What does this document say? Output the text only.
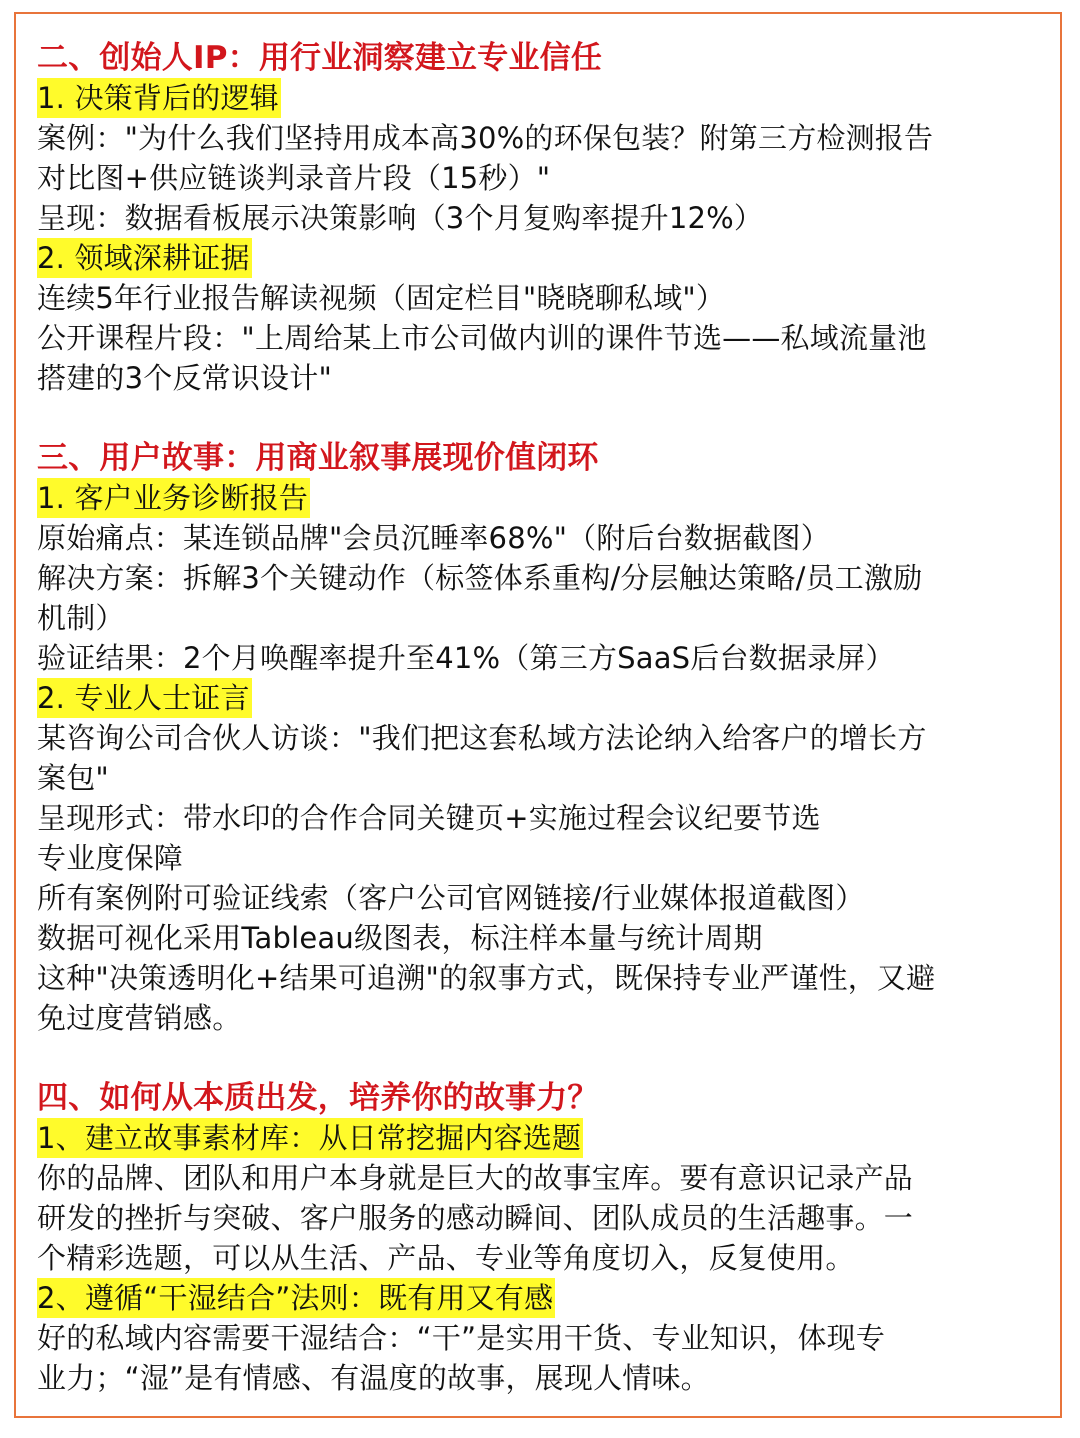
二、创始人IP：用行业洞察建立专业信任
1. 决策背后的逻辑
案例："为什么我们坚持用成本高30%的环保包装？附第三方检测报告
对比图+供应链谈判录音片段（15秒）"
呈现：数据看板展示决策影响（3个月复购率提升12%）
2. 领域深耕证据
连续5年行业报告解读视频（固定栏目"晓晓聊私域"）
公开课程片段："上周给某上市公司做内训的课件节选——私域流量池
搭建的3个反常识设计"
三、用户故事：用商业叙事展现价值闭环
1. 客户业务诊断报告
原始痛点：某连锁品牌"会员沉睡率68%"（附后台数据截图）
解决方案：拆解3个关键动作（标签体系重构/分层触达策略/员工激励
机制）
验证结果：2个月唤醒率提升至41%（第三方SaaS后台数据录屏）
2. 专业人士证言
某咨询公司合伙人访谈："我们把这套私域方法论纳入给客户的增长方
案包"
呈现形式：带水印的合作合同关键页+实施过程会议纪要节选
专业度保障
所有案例附可验证线索（客户公司官网链接/行业媒体报道截图）
数据可视化采用Tableau级图表，标注样本量与统计周期
这种"决策透明化+结果可追溯"的叙事方式，既保持专业严谨性，又避
免过度营销感。
四、如何从本质出发，培养你的故事力？
1、建立故事素材库：从日常挖掘内容选题
你的品牌、团队和用户本身就是巨大的故事宝库。要有意识记录产品
研发的挫折与突破、客户服务的感动瞬间、团队成员的生活趣事。一
个精彩选题，可以从生活、产品、专业等角度切入，反复使用。
2、遵循“干湿结合”法则：既有用又有感
好的私域内容需要干湿结合：“干”是实用干货、专业知识，体现专
业力；“湿”是有情感、有温度的故事，展现人情味。
